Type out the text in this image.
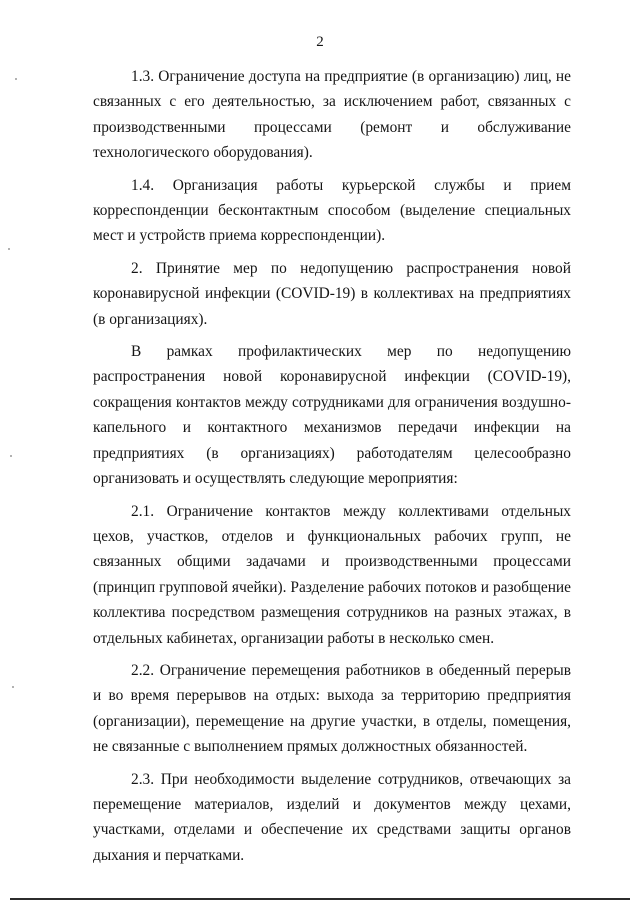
2

1.3. Ограничение доступа на предприятие (в организацию) лиц, не связанных с его деятельностью, за исключением работ, связанных с производственными процессами (ремонт и обслуживание технологического оборудования).

1.4. Организация работы курьерской службы и прием корреспонденции бесконтактным способом (выделение специальных мест и устройств приема корреспонденции).

2. Принятие мер по недопущению распространения новой коронавирусной инфекции (COVID-19) в коллективах на предприятиях (в организациях).

В рамках профилактических мер по недопущению распространения новой коронавирусной инфекции (COVID-19), сокращения контактов между сотрудниками для ограничения воздушно-капельного и контактного механизмов передачи инфекции на предприятиях (в организациях) работодателям целесообразно организовать и осуществлять следующие мероприятия:

2.1. Ограничение контактов между коллективами отдельных цехов, участков, отделов и функциональных рабочих групп, не связанных общими задачами и производственными процессами (принцип групповой ячейки). Разделение рабочих потоков и разобщение коллектива посредством размещения сотрудников на разных этажах, в отдельных кабинетах, организации работы в несколько смен.

2.2. Ограничение перемещения работников в обеденный перерыв и во время перерывов на отдых: выхода за территорию предприятия (организации), перемещение на другие участки, в отделы, помещения, не связанные с выполнением прямых должностных обязанностей.

2.3. При необходимости выделение сотрудников, отвечающих за перемещение материалов, изделий и документов между цехами, участками, отделами и обеспечение их средствами защиты органов дыхания и перчатками.
